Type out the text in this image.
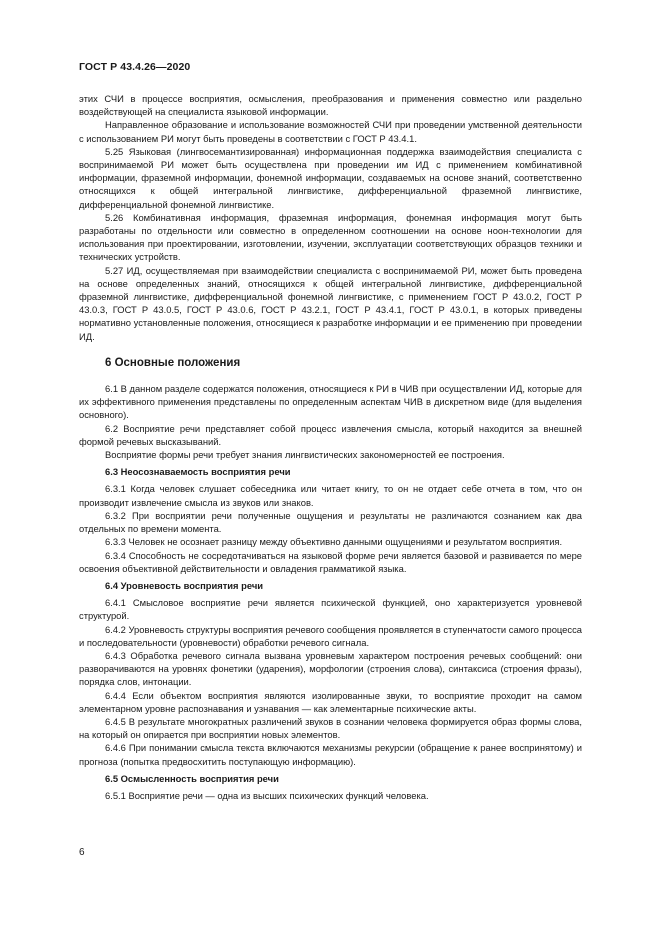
ГОСТ Р 43.4.26—2020

этих СЧИ в процессе восприятия, осмысления, преобразования и применения совместно или раздельно воздействующей на специалиста языковой информации.

Направленное образование и использование возможностей СЧИ при проведении умственной деятельности с использованием РИ могут быть проведены в соответствии с ГОСТ Р 43.4.1.

5.25 Языковая (лингвосемантизированная) информационная поддержка взаимодействия специалиста с воспринимаемой РИ может быть осуществлена при проведении им ИД с применением комбинативной информации, фраземной информации, фонемной информации, создаваемых на основе знаний, соответственно относящихся к общей интегральной лингвистике, дифференциальной фраземной лингвистике, дифференциальной фонемной лингвистике.

5.26 Комбинативная информация, фраземная информация, фонемная информация могут быть разработаны по отдельности или совместно в определенном соотношении на основе ноон-технологии для использования при проектировании, изготовлении, изучении, эксплуатации соответствующих образцов техники и технических устройств.

5.27 ИД, осуществляемая при взаимодействии специалиста с воспринимаемой РИ, может быть проведена на основе определенных знаний, относящихся к общей интегральной лингвистике, дифференциальной фраземной лингвистике, дифференциальной фонемной лингвистике, с применением ГОСТ Р 43.0.2, ГОСТ Р 43.0.3, ГОСТ Р 43.0.5, ГОСТ Р 43.0.6, ГОСТ Р 43.2.1, ГОСТ Р 43.4.1, ГОСТ Р 43.0.1, в которых приведены нормативно установленные положения, относящиеся к разработке информации и ее применению при проведении ИД.

6 Основные положения

6.1 В данном разделе содержатся положения, относящиеся к РИ в ЧИВ при осуществлении ИД, которые для их эффективного применения представлены по определенным аспектам ЧИВ в дискретном виде (для выделения основного).

6.2 Восприятие речи представляет собой процесс извлечения смысла, который находится за внешней формой речевых высказываний.

Восприятие формы речи требует знания лингвистических закономерностей ее построения.

6.3 Неосознаваемость восприятия речи

6.3.1 Когда человек слушает собеседника или читает книгу, то он не отдает себе отчета в том, что он производит извлечение смысла из звуков или знаков.

6.3.2 При восприятии речи полученные ощущения и результаты не различаются сознанием как два отдельных по времени момента.

6.3.3 Человек не осознает разницу между объективно данными ощущениями и результатом восприятия.

6.3.4 Способность не сосредотачиваться на языковой форме речи является базовой и развивается по мере освоения объективной действительности и овладения грамматикой языка.

6.4 Уровневость восприятия речи

6.4.1 Смысловое восприятие речи является психической функцией, оно характеризуется уровневой структурой.

6.4.2 Уровневость структуры восприятия речевого сообщения проявляется в ступенчатости самого процесса и последовательности (уровневости) обработки речевого сигнала.

6.4.3 Обработка речевого сигнала вызвана уровневым характером построения речевых сообщений: они разворачиваются на уровнях фонетики (ударения), морфологии (строения слова), синтаксиса (строения фразы), порядка слов, интонации.

6.4.4 Если объектом восприятия являются изолированные звуки, то восприятие проходит на самом элементарном уровне распознавания и узнавания — как элементарные психические акты.

6.4.5 В результате многократных различений звуков в сознании человека формируется образ формы слова, на который он опирается при восприятии новых элементов.

6.4.6 При понимании смысла текста включаются механизмы рекурсии (обращение к ранее воспринятому) и прогноза (попытка предвосхитить поступающую информацию).

6.5 Осмысленность восприятия речи

6.5.1 Восприятие речи — одна из высших психических функций человека.

6
